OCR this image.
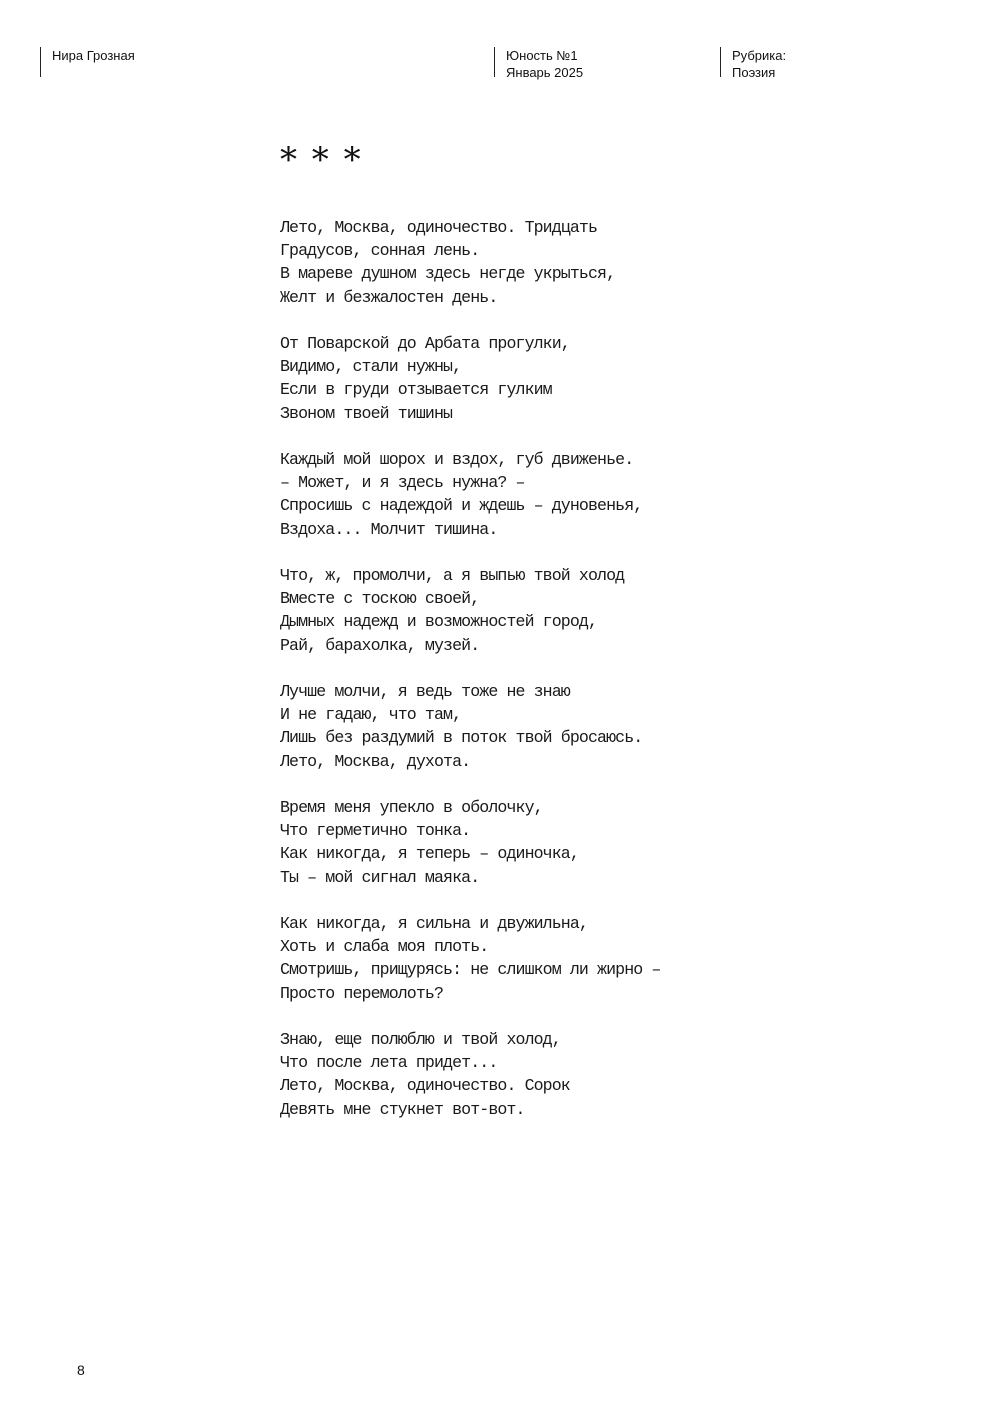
Нира Грозная	Юность №1
Январь 2025
Рубрика:
Поэзия
* * *
Лето, Москва, одиночество. Тридцать
Градусов, сонная лень.
В мареве душном здесь негде укрыться,
Желт и безжалостен день.
От Поварской до Арбата прогулки,
Видимо, стали нужны,
Если в груди отзывается гулким
Звоном твоей тишины
Каждый мой шорох и вздох, губ движенье.
– Может, и я здесь нужна? –
Спросишь с надеждой и ждешь – дуновенья,
Вздоха... Молчит тишина.
Что, ж, промолчи, а я выпью твой холод
Вместе с тоскою своей,
Дымных надежд и возможностей город,
Рай, барахолка, музей.
Лучше молчи, я ведь тоже не знаю
И не гадаю, что там,
Лишь без раздумий в поток твой бросаюсь.
Лето, Москва, духота.
Время меня упекло в оболочку,
Что герметично тонка.
Как никогда, я теперь – одиночка,
Ты – мой сигнал маяка.
Как никогда, я сильна и двужильна,
Хоть и слаба моя плоть.
Смотришь, прищурясь: не слишком ли жирно –
Просто перемолоть?
Знаю, еще полюблю и твой холод,
Что после лета придет...
Лето, Москва, одиночество. Сорок
Девять мне стукнет вот-вот.
8
